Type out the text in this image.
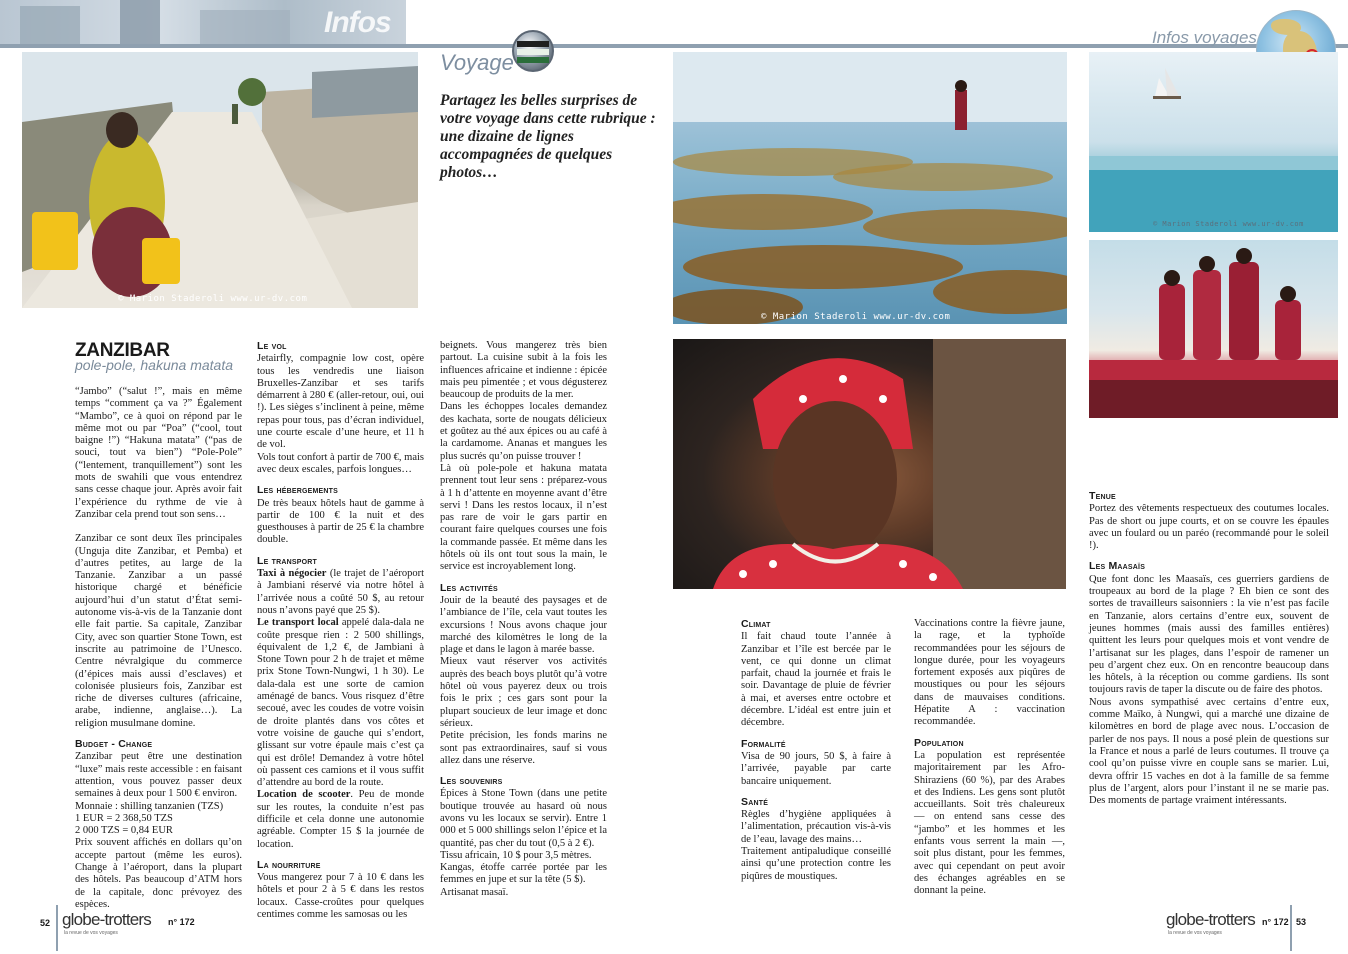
Infos
Voyage
Infos voyages
© Marion Staderoli www.ur-dv.com
© Marion Staderoli www.ur-dv.com
© Marion Staderoli www.ur-dv.com
Partagez les belles surprises de votre voyage dans cette rubrique : une dizaine de lignes accompagnées de quelques photos…
ZANZIBAR
pole-pole, hakuna matata

“Jambo” (“salut !”, mais en même temps “comment ça va ?” Également “Mambo”, ce à quoi on répond par le même mot ou par “Poa” (“cool, tout baigne !”) “Hakuna matata” (“pas de souci, tout va bien”) “Pole-Pole” (“lentement, tranquillement”) sont les mots de swahili que vous entendrez sans cesse chaque jour. Après avoir fait l’expérience du rythme de vie à Zanzibar cela prend tout son sens…

Zanzibar ce sont deux îles principales (Unguja dite Zanzibar, et Pemba) et d’autres petites, au large de la Tanzanie. Zanzibar a un passé historique chargé et bénéficie aujourd’hui d’un statut d’État semi-autonome vis-à-vis de la Tanzanie dont elle fait partie. Sa capitale, Zanzibar City, avec son quartier Stone Town, est inscrite au patrimoine de l’Unesco. Centre névralgique du commerce (d’épices mais aussi d’esclaves) et colonisée plusieurs fois, Zanzibar est riche de diverses cultures (africaine, arabe, indienne, anglaise…). La religion musulmane domine.

Budget - Change

Zanzibar peut être une destination “luxe” mais reste accessible : en faisant attention, vous pouvez passer deux semaines à deux pour 1 500 € environ.

Monnaie : shilling tanzanien (TZS)

1 EUR = 2 368,50 TZS

2 000 TZS = 0,84 EUR

Prix souvent affichés en dollars qu’on accepte partout (même les euros). Change à l’aéroport, dans la plupart des hôtels. Pas beaucoup d’ATM hors de la capitale, donc prévoyez des espèces.

Le vol

Jetairfly, compagnie low cost, opère tous les vendredis une liaison Bruxelles-Zanzibar et ses tarifs démarrent à 280 € (aller-retour, oui, oui !). Les sièges s’inclinent à peine, même repas pour tous, pas d’écran individuel, une courte escale d’une heure, et 11 h de vol.

Vols tout confort à partir de 700 €, mais avec deux escales, parfois longues…

Les hébergements

De très beaux hôtels haut de gamme à partir de 100 € la nuit et des guesthouses à partir de 25 € la chambre double.

Le transport

Taxi à négocier (le trajet de l’aéroport à Jambiani réservé via notre hôtel à l’arrivée nous a coûté 50 $, au retour nous n’avons payé que 25 $).

Le transport local appelé dala-dala ne coûte presque rien : 2 500 shillings, équivalent de 1,2 €, de Jambiani à Stone Town pour 2 h de trajet et même prix Stone Town-Nungwi, 1 h 30). Le dala-dala est une sorte de camion aménagé de bancs. Vous risquez d’être secoué, avec les coudes de votre voisin de droite plantés dans vos côtes et votre voisine de gauche qui s’endort, glissant sur votre épaule mais c’est ça qui est drôle! Demandez à votre hôtel où passent ces camions et il vous suffit d’attendre au bord de la route.

Location de scooter. Peu de monde sur les routes, la conduite n’est pas difficile et cela donne une autonomie agréable. Compter 15 $ la journée de location.

La nourriture

Vous mangerez pour 7 à 10 € dans les hôtels et pour 2 à 5 € dans les restos locaux. Casse-croûtes pour quelques centimes comme les samosas ou les

beignets. Vous mangerez très bien partout. La cuisine subit à la fois les influences africaine et indienne : épicée mais peu pimentée ; et vous dégusterez beaucoup de produits de la mer.

Dans les échoppes locales demandez des kachata, sorte de nougats délicieux et goûtez au thé aux épices ou au café à la cardamome. Ananas et mangues les plus sucrés qu’on puisse trouver !

Là où pole-pole et hakuna matata prennent tout leur sens : préparez-vous à 1 h d’attente en moyenne avant d’être servi ! Dans les restos locaux, il n’est pas rare de voir le gars partir en courant faire quelques courses une fois la commande passée. Et même dans les hôtels où ils ont tout sous la main, le service est incroyablement long.

Les activités

Jouir de la beauté des paysages et de l’ambiance de l’île, cela vaut toutes les excursions ! Nous avons chaque jour marché des kilomètres le long de la plage et dans le lagon à marée basse.

Mieux vaut réserver vos activités auprès des beach boys plutôt qu’à votre hôtel où vous payerez deux ou trois fois le prix ; ces gars sont pour la plupart soucieux de leur image et donc sérieux.

Petite précision, les fonds marins ne sont pas extraordinaires, sauf si vous allez dans une réserve.

Les souvenirs

Épices à Stone Town (dans une petite boutique trouvée au hasard où nous avons vu les locaux se servir). Entre 1 000 et 5 000 shillings selon l’épice et la quantité, pas cher du tout (0,5 à 2 €).

Tissu africain, 10 $ pour 3,5 mètres.

Kangas, étoffe carrée portée par les femmes en jupe et sur la tête (5 $).

Artisanat masaï.

Climat

Il fait chaud toute l’année à Zanzibar et l’île est bercée par le vent, ce qui donne un climat parfait, chaud la journée et frais le soir. Davantage de pluie de février à mai, et averses entre octobre et décembre. L’idéal est entre juin et décembre.

Formalité

Visa de 90 jours, 50 $, à faire à l’arrivée, payable par carte bancaire uniquement.

Santé

Règles d’hygiène appliquées à l’alimentation, précaution vis-à-vis de l’eau, lavage des mains…

Traitement antipaludique conseillé ainsi qu’une protection contre les piqûres de moustiques.

Vaccinations contre la fièvre jaune, la rage, et la typhoïde recommandées pour les séjours de longue durée, pour les voyageurs fortement exposés aux piqûres de moustiques ou pour les séjours dans de mauvaises conditions. Hépatite A : vaccination recommandée.

Population

La population est représentée majoritairement par les Afro-Shiraziens (60 %), par des Arabes et des Indiens. Les gens sont plutôt accueillants. Soit très chaleureux — on entend sans cesse des “jambo” et les hommes et les enfants vous serrent la main —, soit plus distant, pour les femmes, avec qui cependant on peut avoir des échanges agréables en se donnant la peine.

Tenue

Portez des vêtements respectueux des coutumes locales. Pas de short ou jupe courts, et on se couvre les épaules avec un foulard ou un paréo (recommandé pour le soleil !).

Les Maasaïs

Que font donc les Maasaïs, ces guerriers gardiens de troupeaux au bord de la plage ? Eh bien ce sont des sortes de travailleurs saisonniers : la vie n’est pas facile en Tanzanie, alors certains d’entre eux, souvent de jeunes hommes (mais aussi des familles entières) quittent les leurs pour quelques mois et vont vendre de l’artisanat sur les plages, dans l’espoir de ramener un peu d’argent chez eux. On en rencontre beaucoup dans les hôtels, à la réception ou comme gardiens. Ils sont toujours ravis de taper la discute ou de faire des photos.

Nous avons sympathisé avec certains d’entre eux, comme Maïko, à Nungwi, qui a marché une dizaine de kilomètres en bord de plage avec nous. L’occasion de parler de nos pays. Il nous a posé plein de questions sur la France et nous a parlé de leurs coutumes. Il trouve ça cool qu’on puisse vivre en couple sans se marier. Lui, devra offrir 15 vaches en dot à la famille de sa femme plus de l’argent, alors pour l’instant il ne se marie pas. Des moments de partage vraiment intéressants.

52 globe-trotters n° 172
la revue de vos voyages
globe-trotters n° 172 53
la revue de vos voyages
